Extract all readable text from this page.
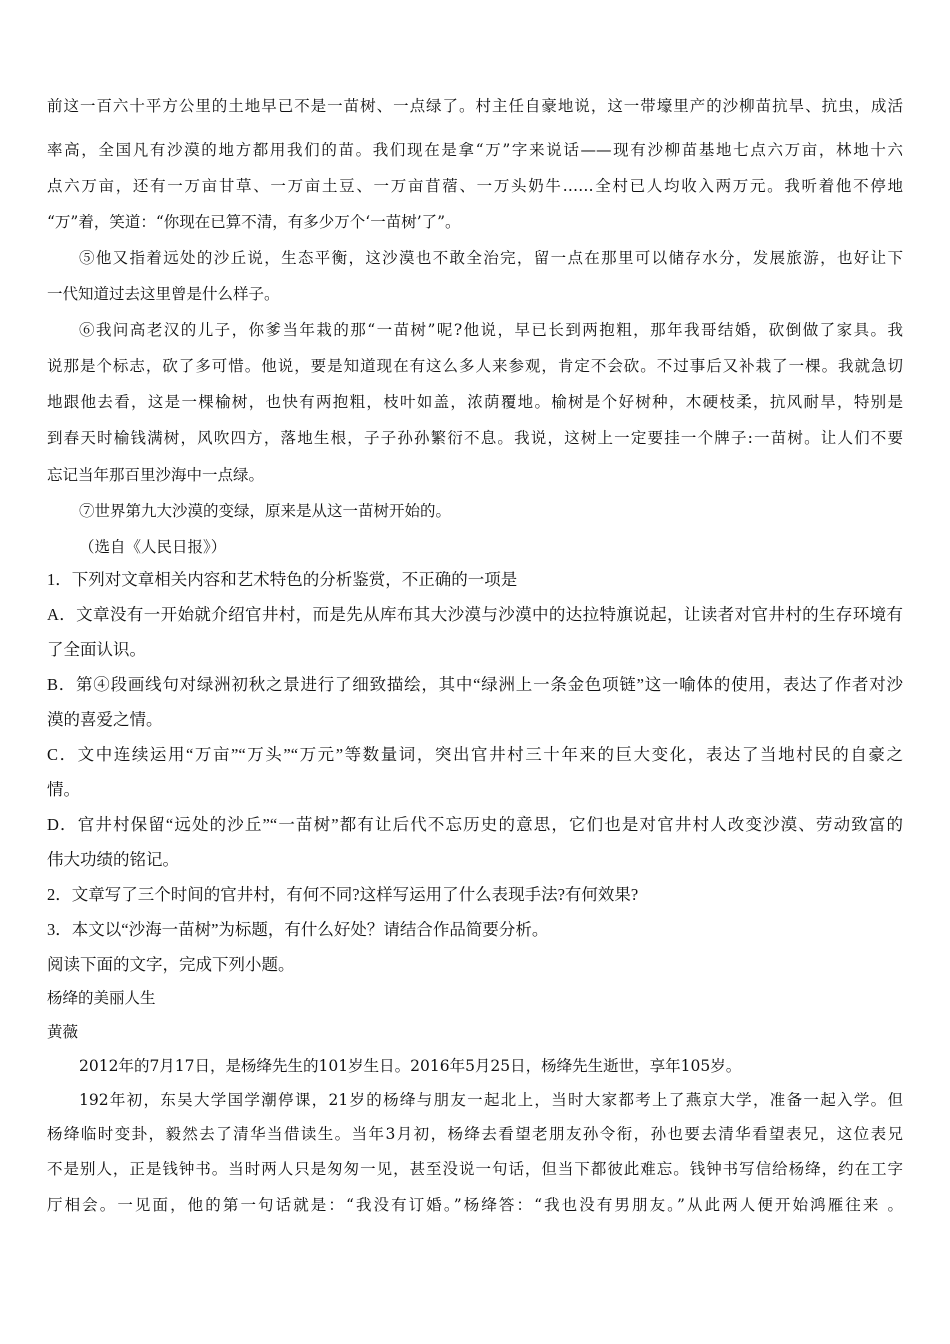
前这一百六十平方公里的土地早已不是一苗树、一点绿了。村主任自豪地说，这一带壕里产的沙柳苗抗旱、抗虫，成活
率高，全国凡有沙漠的地方都用我们的苗。我们现在是拿“万”字来说话——现有沙柳苗基地七点六万亩，林地十六
点六万亩，还有一万亩甘草、一万亩土豆、一万亩苜蓿、一万头奶牛……全村已人均收入两万元。我听着他不停地
“万”着，笑道：“你现在已算不清，有多少万个‘一苗树’了”。
⑤他又指着远处的沙丘说，生态平衡，这沙漠也不敢全治完，留一点在那里可以储存水分，发展旅游，也好让下
一代知道过去这里曾是什么样子。
⑥我问高老汉的儿子，你爹当年栽的那“一苗树”呢?他说，早已长到两抱粗，那年我哥结婚，砍倒做了家具。我
说那是个标志，砍了多可惜。他说，要是知道现在有这么多人来参观，肯定不会砍。不过事后又补栽了一棵。我就急切
地跟他去看，这是一棵榆树，也快有两抱粗，枝叶如盖，浓荫覆地。榆树是个好树种，木硬枝柔，抗风耐旱，特别是
到春天时榆钱满树，风吹四方，落地生根，子子孙孙繁衍不息。我说，这树上一定要挂一个牌子:一苗树。让人们不要
忘记当年那百里沙海中一点绿。
⑦世界第九大沙漠的变绿，原来是从这一苗树开始的。
（选自《人民日报》）
1．下列对文章相关内容和艺术特色的分析鉴赏，不正确的一项是
A．文章没有一开始就介绍官井村，而是先从库布其大沙漠与沙漠中的达拉特旗说起，让读者对官井村的生存环境有
了全面认识。
B．第④段画线句对绿洲初秋之景进行了细致描绘，其中“绿洲上一条金色项链”这一喻体的使用，表达了作者对沙
漠的喜爱之情。
C．文中连续运用“万亩”“万头”“万元”等数量词，突出官井村三十年来的巨大变化，表达了当地村民的自豪之
情。
D．官井村保留“远处的沙丘”“一苗树”都有让后代不忘历史的意思，它们也是对官井村人改变沙漠、劳动致富的
伟大功绩的铭记。
2．文章写了三个时间的官井村，有何不同?这样写运用了什么表现手法?有何效果?
3．本文以“沙海一苗树”为标题，有什么好处？请结合作品简要分析。
阅读下面的文字，完成下列小题。
杨绛的美丽人生
黄薇
2012年的7月17日，是杨绛先生的101岁生日。2016年5月25日，杨绛先生逝世，享年105岁。
192年初，东吴大学国学潮停课，21岁的杨绛与朋友一起北上，当时大家都考上了燕京大学，准备一起入学。但
杨绛临时变卦，毅然去了清华当借读生。当年3月初，杨绛去看望老朋友孙令衔，孙也要去清华看望表兄，这位表兄
不是别人，正是钱钟书。当时两人只是匆匆一见，甚至没说一句话，但当下都彼此难忘。钱钟书写信给杨绛，约在工字
厅相会。一见面，他的第一句话就是：“我没有订婚。”杨绛答：“我也没有男朋友。”从此两人便开始鸿雁往来 。
